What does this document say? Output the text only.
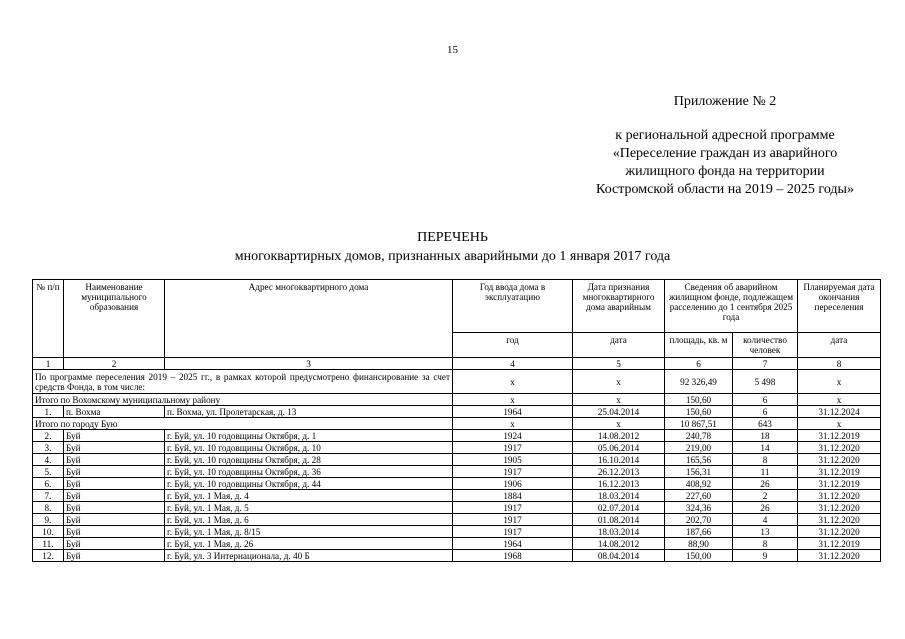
15
Приложение № 2
к региональной адресной программе
«Переселение граждан из аварийного
жилищного фонда на территории
Костромской области на 2019 – 2025 годы»
ПЕРЕЧЕНЬ
многоквартирных домов, признанных аварийными до 1 января 2017 года
№ п/п	Наименование муниципального образования	Адрес многоквартирного дома	Год ввода дома в эксплуатацию	Дата признания многоквартирного дома аварийным	Сведения об аварийном жилищном фонде, подлежащем расселению до 1 сентября 2025 года		Планируемая дата окончания переселения
			год	дата	площадь, кв. м	количество человек	дата
1	2	3	4	5	6	7	8
По программе переселения 2019 – 2025 гг., в рамках которой предусмотрено финансирование за счет средств Фонда, в том числе:			х	х	92 326,49	5 498	х
Итого по Вохомскому муниципальному району			х	х	150,60	6	х
1.	п. Вохма	п. Вохма, ул. Пролетарская, д. 13	1964	25.04.2014	150,60	6	31.12.2024
Итого по городу Бую			х	х	10 867,51	643	х
2.	Буй	г. Буй, ул. 10 годовщины Октября, д. 1	1924	14.08.2012	240,78	18	31.12.2019
3.	Буй	г. Буй, ул. 10 годовщины Октября, д. 10	1917	05.06.2014	219,00	14	31.12.2020
4.	Буй	г. Буй, ул. 10 годовщины Октября, д. 28	1905	16.10.2014	165,56	8	31.12.2020
5.	Буй	г. Буй, ул. 10 годовщины Октября, д. 36	1917	26.12.2013	156,31	11	31.12.2019
6.	Буй	г. Буй, ул. 10 годовщины Октября, д. 44	1906	16.12.2013	408,92	26	31.12.2019
7.	Буй	г. Буй, ул. 1 Мая, д. 4	1884	18.03.2014	227,60	2	31.12.2020
8.	Буй	г. Буй, ул. 1 Мая, д. 5	1917	02.07.2014	324,36	26	31.12.2020
9.	Буй	г. Буй, ул. 1 Мая, д. 6	1917	01.08.2014	202,70	4	31.12.2020
10.	Буй	г. Буй, ул. 1 Мая, д. 8/15	1917	18.03.2014	187,66	13	31.12.2020
11.	Буй	г. Буй, ул. 1 Мая, д. 26	1964	14.08.2012	88,90	8	31.12.2019
12.	Буй	г. Буй, ул. 3 Интернационала, д. 40 Б	1968	08.04.2014	150,00	9	31.12.2020
